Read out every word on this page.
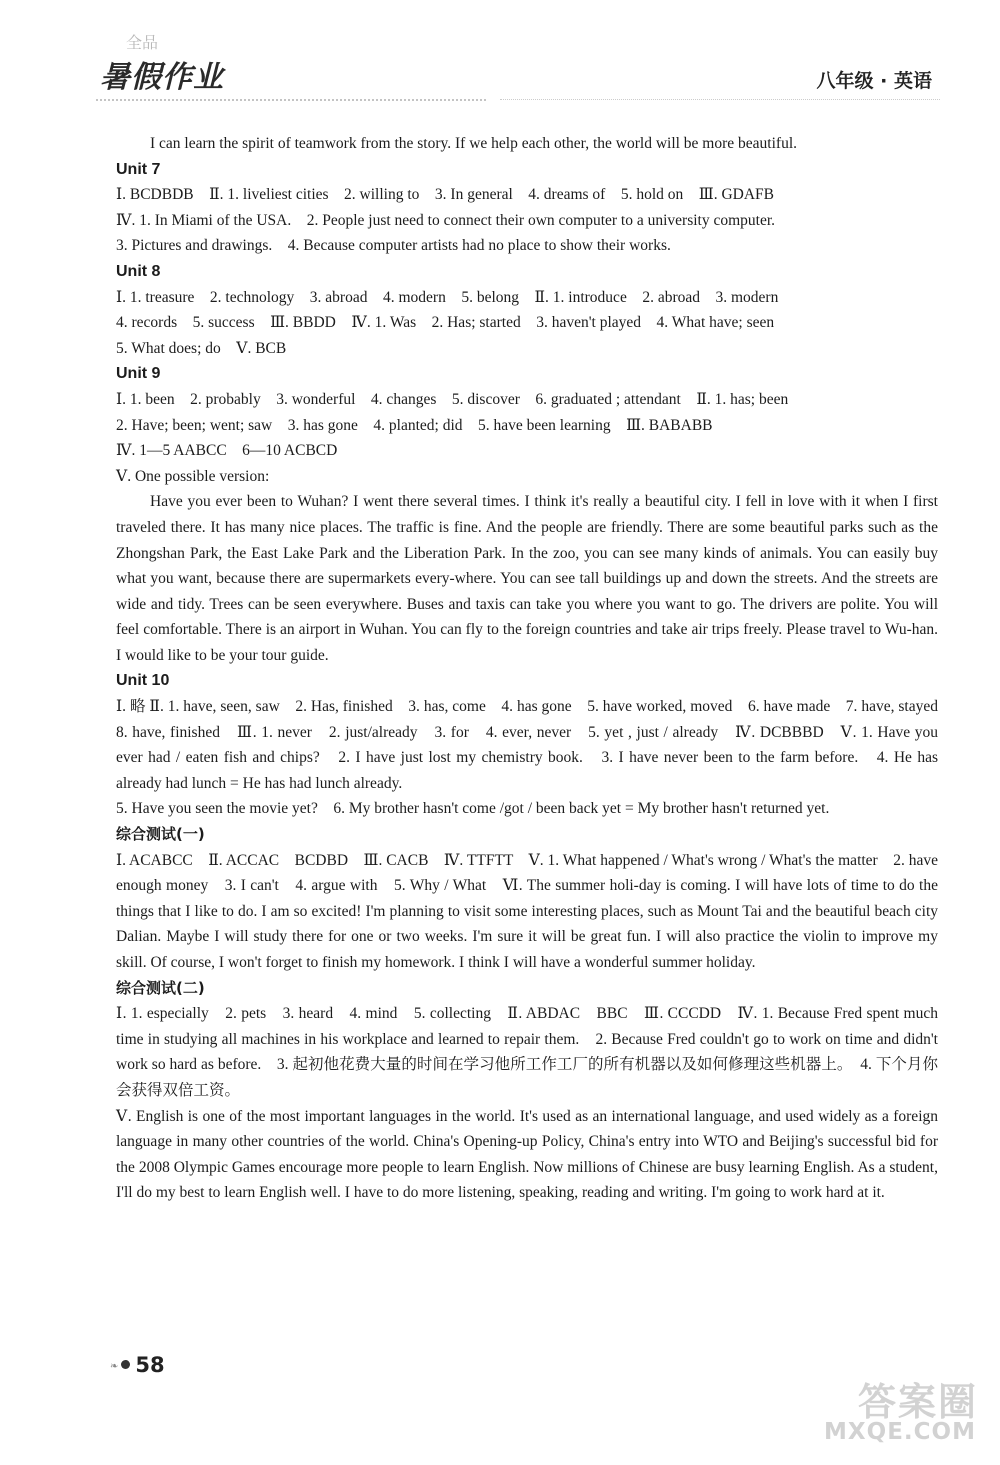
全品
暑假作业	八年级 · 英语

I can learn the spirit of teamwork from the story. If we help each other, the world will be more beautiful.

Unit 7

Ⅰ. BCDBDB　Ⅱ. 1. liveliest cities　2. willing to　3. In general　4. dreams of　5. hold on　Ⅲ. GDAFB

Ⅳ. 1. In Miami of the USA.　2. People just need to connect their own computer to a university computer.

3. Pictures and drawings.　4. Because computer artists had no place to show their works.

Unit 8

Ⅰ. 1. treasure　2. technology　3. abroad　4. modern　5. belong　Ⅱ. 1. introduce　2. abroad　3. modern

4. records　5. success　Ⅲ. BBDD　Ⅳ. 1. Was　2. Has; started　3. haven't played　4. What have; seen

5. What does; do　Ⅴ. BCB

Unit 9

Ⅰ. 1. been　2. probably　3. wonderful　4. changes　5. discover　6. graduated ; attendant　Ⅱ. 1. has; been

2. Have; been; went; saw　3. has gone　4. planted; did　5. have been learning　Ⅲ. BABABB

Ⅳ. 1—5 AABCC　6—10 ACBCD

Ⅴ. One possible version:

Have you ever been to Wuhan? I went there several times. I think it's really a beautiful city. I fell in love with it when I first traveled there. It has many nice places. The traffic is fine. And the people are friendly. There are some beautiful parks such as the Zhongshan Park, the East Lake Park and the Liberation Park. In the zoo, you can see many kinds of animals. You can easily buy what you want, because there are supermarkets every-where. You can see tall buildings up and down the streets. And the streets are wide and tidy. Trees can be seen everywhere. Buses and taxis can take you where you want to go. The drivers are polite. You will feel comfortable. There is an airport in Wuhan. You can fly to the foreign countries and take air trips freely. Please travel to Wu-han. I would like to be your tour guide.

Unit 10

Ⅰ. 略 Ⅱ. 1. have, seen, saw　2. Has, finished　3. has, come　4. has gone　5. have worked, moved　6. have made　7. have, stayed　8. have, finished　Ⅲ. 1. never　2. just/already　3. for　4. ever, never　5. yet , just / already　Ⅳ. DCBBBD　Ⅴ. 1. Have you ever had / eaten fish and chips?　2. I have just lost my chemistry book.　3. I have never been to the farm before.　4. He has already had lunch = He has had lunch already.

5. Have you seen the movie yet?　6. My brother hasn't come /got / been back yet = My brother hasn't returned yet.

综合测试(一)

Ⅰ. ACABCC　Ⅱ. ACCAC　BCDBD　Ⅲ. CACB　Ⅳ. TTFTT　Ⅴ. 1. What happened / What's wrong / What's the matter　2. have enough money　3. I can't　4. argue with　5. Why / What　Ⅵ. The summer holi-day is coming. I will have lots of time to do the things that I like to do. I am so excited! I'm planning to visit some interesting places, such as Mount Tai and the beautiful beach city Dalian. Maybe I will study there for one or two weeks. I'm sure it will be great fun. I will also practice the violin to improve my skill. Of course, I won't forget to finish my homework. I think I will have a wonderful summer holiday.

综合测试(二)

Ⅰ. 1. especially　2. pets　3. heard　4. mind　5. collecting　Ⅱ. ABDAC　BBC　Ⅲ. CCCDD　Ⅳ. 1. Because Fred spent much time in studying all machines in his workplace and learned to repair them.　2. Because Fred couldn't go to work on time and didn't work so hard as before.　3. 起初他花费大量的时间在学习他所工作工厂的所有机器以及如何修理这些机器上。　4. 下个月你会获得双倍工资。

Ⅴ. English is one of the most important languages in the world. It's used as an international language, and used widely as a foreign language in many other countries of the world. China's Opening-up Policy, China's entry into WTO and Beijing's successful bid for the 2008 Olympic Games encourage more people to learn English. Now millions of Chinese are busy learning English. As a student, I'll do my best to learn English well. I have to do more listening, speaking, reading and writing. I'm going to work hard at it.

❧ 58
答案圈
MXQE.COM
